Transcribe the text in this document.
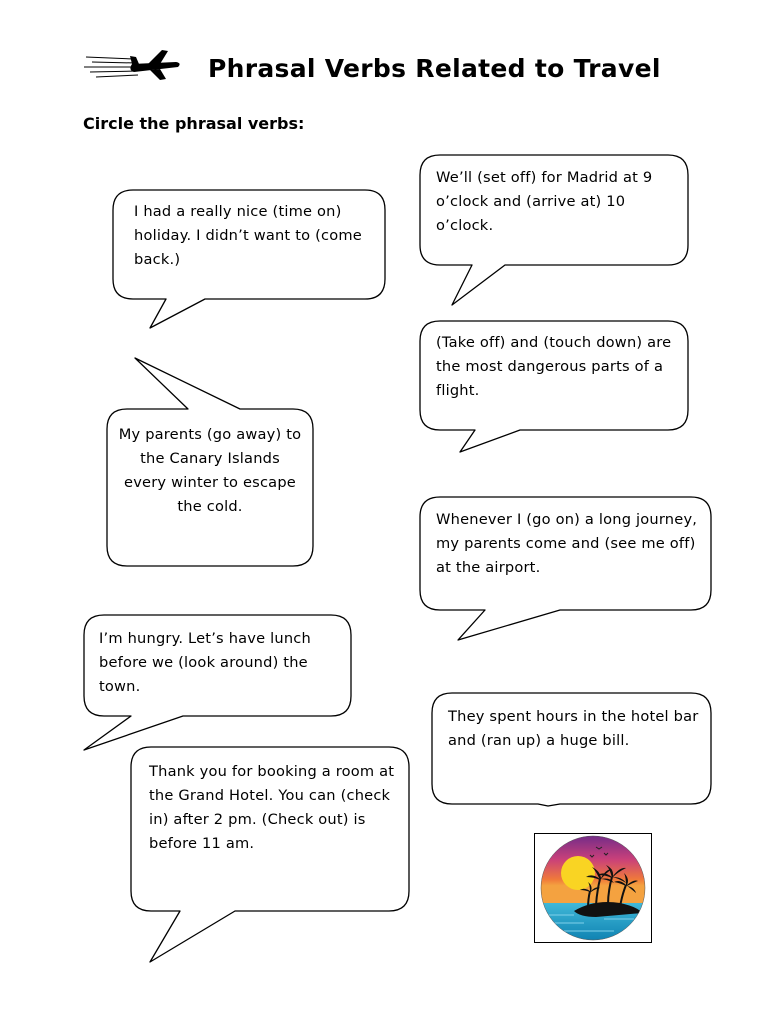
Phrasal Verbs Related to Travel
Circle the phrasal verbs:
I had a really nice (time on) holiday. I didn’t want to (come back.)
We’ll (set off) for Madrid at 9 o’clock and (arrive at) 10 o’clock.
(Take off) and (touch down) are the most dangerous parts of a flight.
My parents (go away) to the Canary Islands every winter to escape the cold.
Whenever I (go on) a long journey, my parents come and (see me off) at the airport.
I’m hungry. Let’s have lunch before we (look around) the town.
They spent hours in the hotel bar and (ran up) a huge bill.
Thank you for booking a room at the Grand Hotel. You can (check in) after 2 pm. (Check out) is before 11 am.
